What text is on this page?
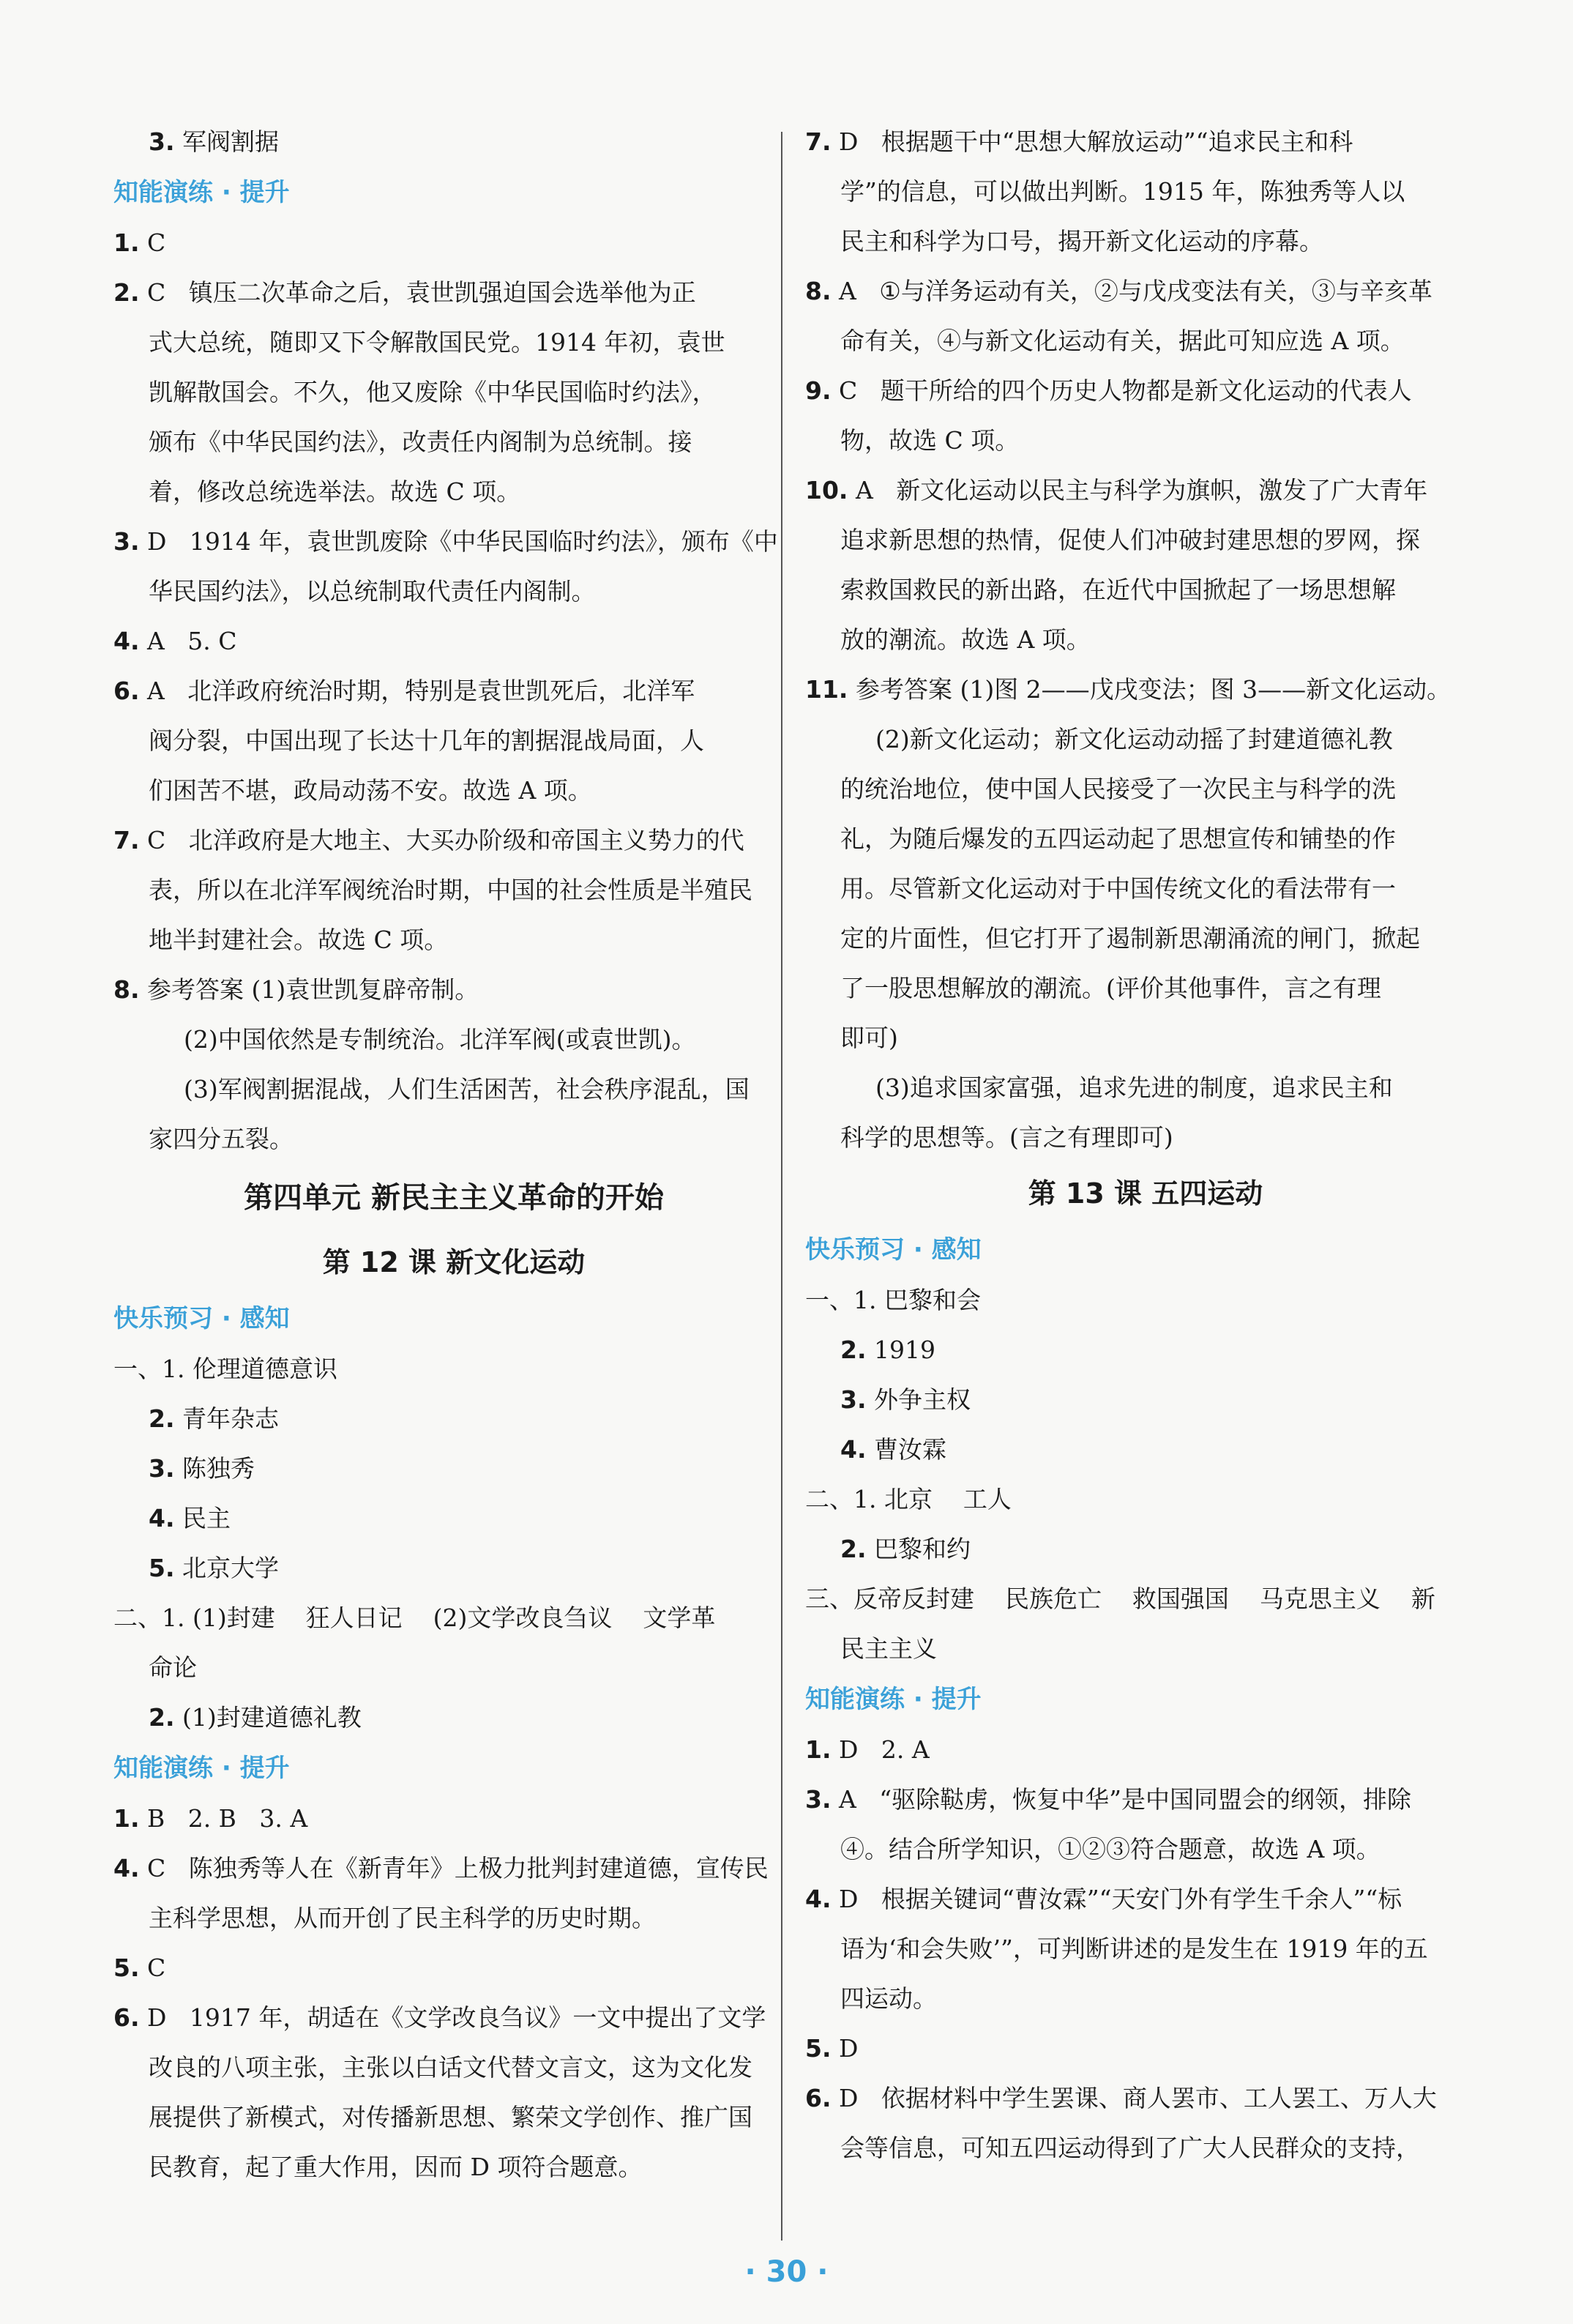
3. 军阀割据
知能演练 · 提升
1. C
2. C   镇压二次革命之后，袁世凯强迫国会选举他为正
式大总统，随即又下令解散国民党。1914 年初，袁世
凯解散国会。不久，他又废除《中华民国临时约法》，
颁布《中华民国约法》，改责任内阁制为总统制。接
着，修改总统选举法。故选 C 项。
3. D   1914 年，袁世凯废除《中华民国临时约法》，颁布《中
华民国约法》，以总统制取代责任内阁制。
4. A   5. C
6. A   北洋政府统治时期，特别是袁世凯死后，北洋军
阀分裂，中国出现了长达十几年的割据混战局面，人
们困苦不堪，政局动荡不安。故选 A 项。
7. C   北洋政府是大地主、大买办阶级和帝国主义势力的代
表，所以在北洋军阀统治时期，中国的社会性质是半殖民
地半封建社会。故选 C 项。
8. 参考答案 (1)袁世凯复辟帝制。
(2)中国依然是专制统治。北洋军阀(或袁世凯)。
(3)军阀割据混战，人们生活困苦，社会秩序混乱，国
家四分五裂。
第四单元 新民主主义革命的开始
第 12 课 新文化运动
快乐预习 · 感知
一、1. 伦理道德意识
2. 青年杂志
3. 陈独秀
4. 民主
5. 北京大学
二、1. (1)封建    狂人日记    (2)文学改良刍议    文学革
命论
2. (1)封建道德礼教
知能演练 · 提升
1. B   2. B   3. A
4. C   陈独秀等人在《新青年》上极力批判封建道德，宣传民
主科学思想，从而开创了民主科学的历史时期。
5. C
6. D   1917 年，胡适在《文学改良刍议》一文中提出了文学
改良的八项主张，主张以白话文代替文言文，这为文化发
展提供了新模式，对传播新思想、繁荣文学创作、推广国
民教育，起了重大作用，因而 D 项符合题意。
7. D   根据题干中“思想大解放运动”“追求民主和科
学”的信息，可以做出判断。1915 年，陈独秀等人以
民主和科学为口号，揭开新文化运动的序幕。
8. A   ①与洋务运动有关，②与戊戌变法有关，③与辛亥革
命有关，④与新文化运动有关，据此可知应选 A 项。
9. C   题干所给的四个历史人物都是新文化运动的代表人
物，故选 C 项。
10. A   新文化运动以民主与科学为旗帜，激发了广大青年
追求新思想的热情，促使人们冲破封建思想的罗网，探
索救国救民的新出路，在近代中国掀起了一场思想解
放的潮流。故选 A 项。
11. 参考答案 (1)图 2——戊戌变法；图 3——新文化运动。
(2)新文化运动；新文化运动动摇了封建道德礼教
的统治地位，使中国人民接受了一次民主与科学的洗
礼，为随后爆发的五四运动起了思想宣传和铺垫的作
用。尽管新文化运动对于中国传统文化的看法带有一
定的片面性，但它打开了遏制新思潮涌流的闸门，掀起
了一股思想解放的潮流。(评价其他事件，言之有理
即可)
(3)追求国家富强，追求先进的制度，追求民主和
科学的思想等。(言之有理即可)
第 13 课 五四运动
快乐预习 · 感知
一、1. 巴黎和会
2. 1919
3. 外争主权
4. 曹汝霖
二、1. 北京    工人
2. 巴黎和约
三、反帝反封建    民族危亡    救国强国    马克思主义    新
民主主义
知能演练 · 提升
1. D   2. A
3. A   “驱除鞑虏，恢复中华”是中国同盟会的纲领，排除
④。结合所学知识，①②③符合题意，故选 A 项。
4. D   根据关键词“曹汝霖”“天安门外有学生千余人”“标
语为‘和会失败’”，可判断讲述的是发生在 1919 年的五
四运动。
5. D
6. D   依据材料中学生罢课、商人罢市、工人罢工、万人大
会等信息，可知五四运动得到了广大人民群众的支持，
· 30 ·
